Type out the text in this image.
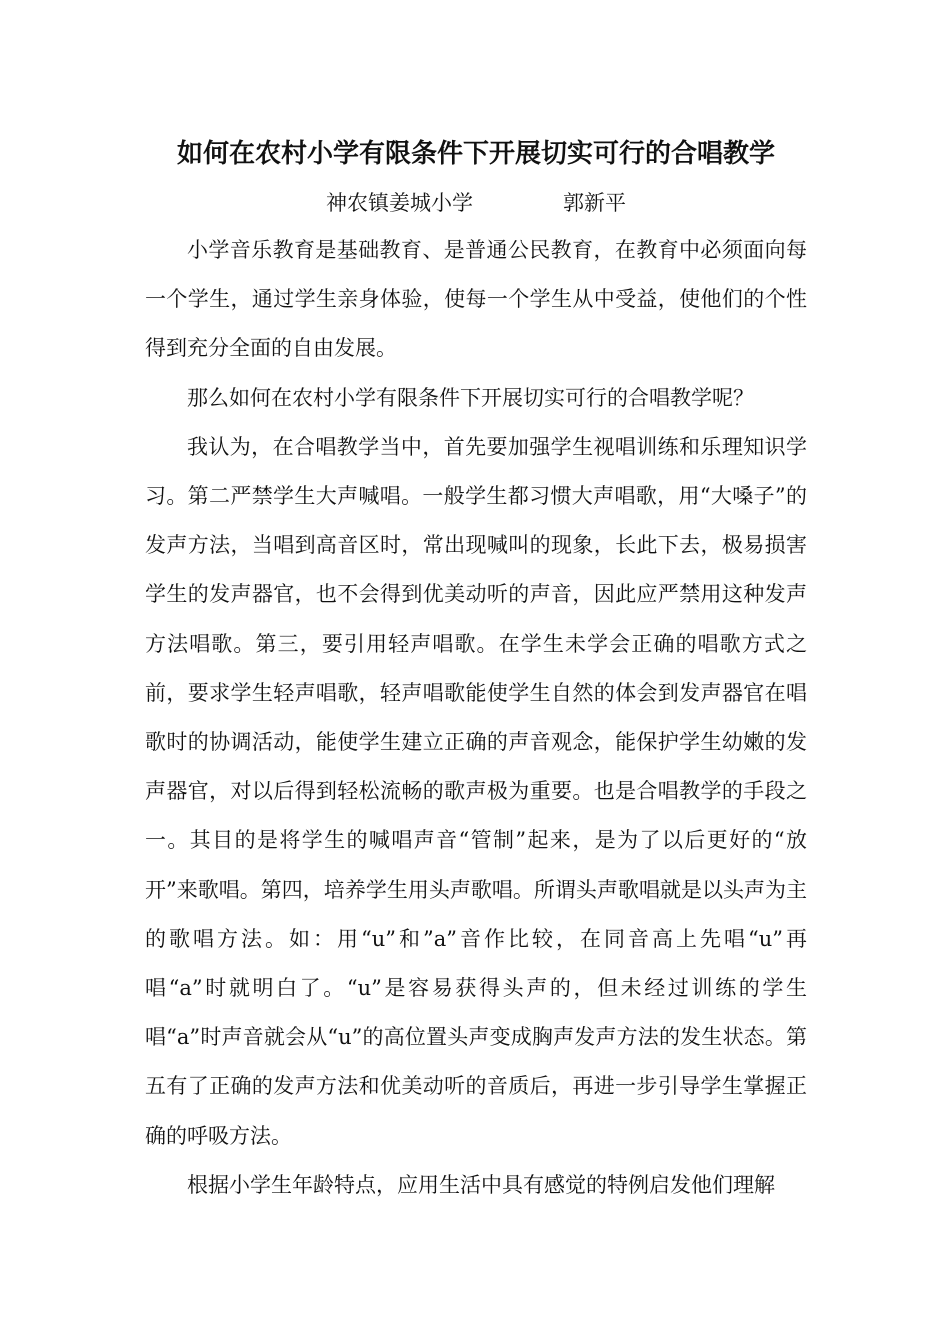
如何在农村小学有限条件下开展切实可行的合唱教学

神农镇姜城小学	郭新平

小学音乐教育是基础教育、是普通公民教育，在教育中必须面向每一个学生，通过学生亲身体验，使每一个学生从中受益，使他们的个性得到充分全面的自由发展。

那么如何在农村小学有限条件下开展切实可行的合唱教学呢？

我认为，在合唱教学当中，首先要加强学生视唱训练和乐理知识学习。第二严禁学生大声喊唱。一般学生都习惯大声唱歌，用“大嗓子”的发声方法，当唱到高音区时，常出现喊叫的现象，长此下去，极易损害学生的发声器官，也不会得到优美动听的声音，因此应严禁用这种发声方法唱歌。第三，要引用轻声唱歌。在学生未学会正确的唱歌方式之前，要求学生轻声唱歌，轻声唱歌能使学生自然的体会到发声器官在唱歌时的协调活动，能使学生建立正确的声音观念，能保护学生幼嫩的发声器官，对以后得到轻松流畅的歌声极为重要。也是合唱教学的手段之一。其目的是将学生的喊唱声音“管制”起来，是为了以后更好的“放开”来歌唱。第四，培养学生用头声歌唱。所谓头声歌唱就是以头声为主的歌唱方法。如：用“u”和”a”音作比较，在同音高上先唱“u”再唱“a”时就明白了。“u”是容易获得头声的，但未经过训练的学生唱“a”时声音就会从“u”的高位置头声变成胸声发声方法的发生状态。第五有了正确的发声方法和优美动听的音质后，再进一步引导学生掌握正确的呼吸方法。

根据小学生年龄特点，应用生活中具有感觉的特例启发他们理解
